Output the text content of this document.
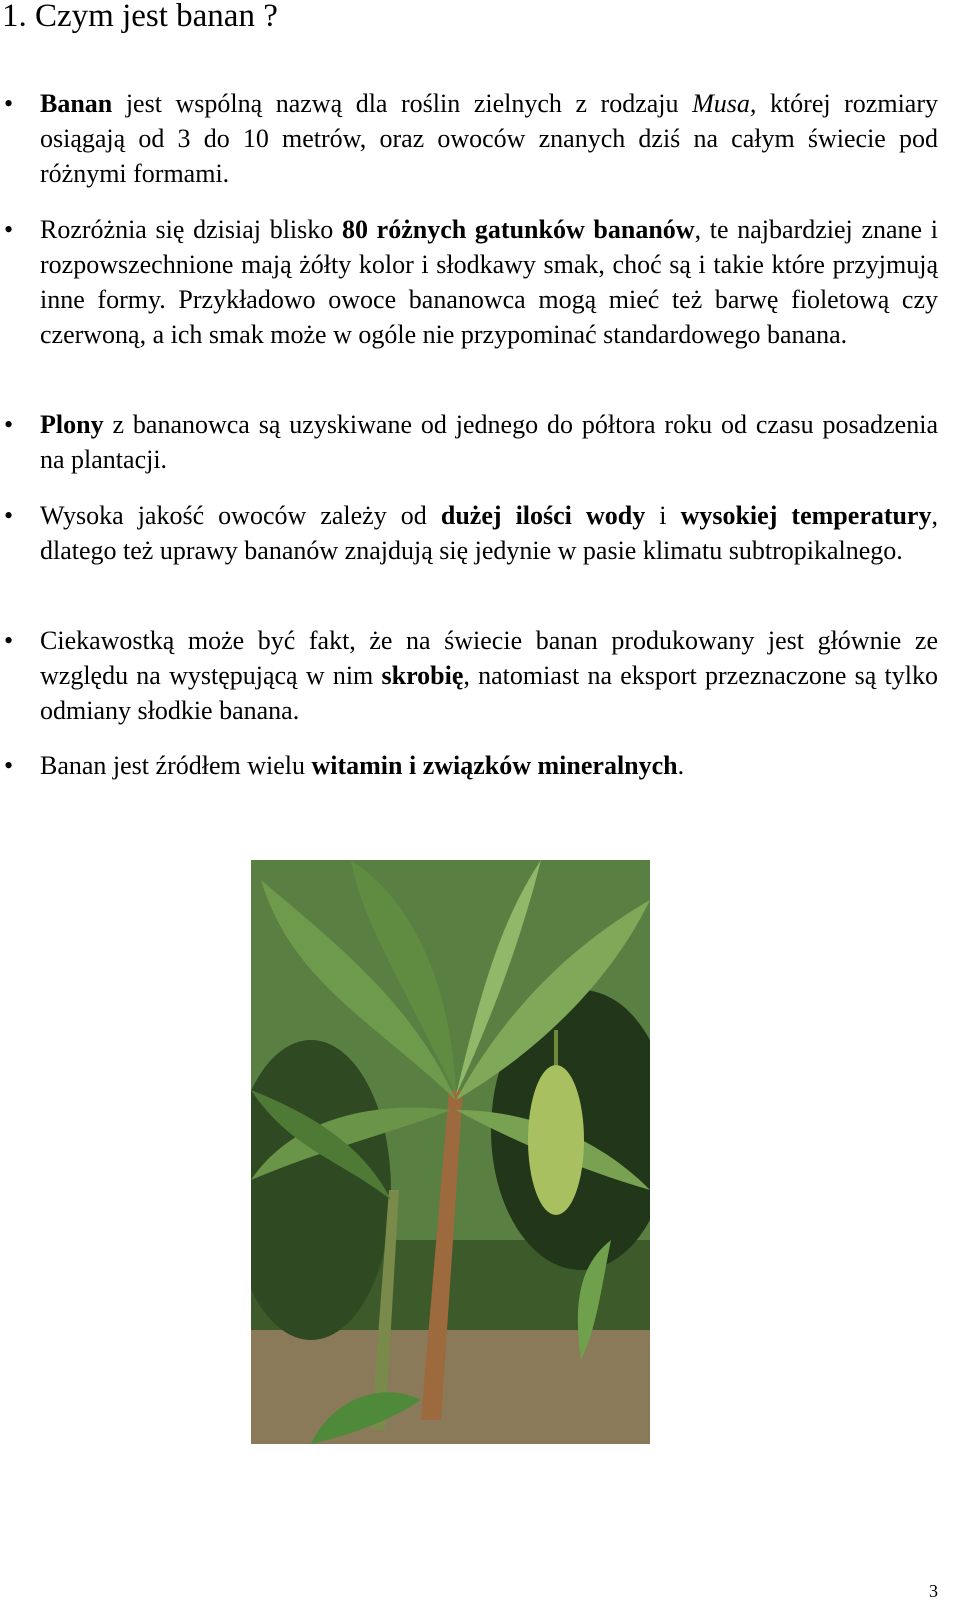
1. Czym jest banan ?
• Banan jest wspólną nazwą dla roślin zielnych z rodzaju Musa, której rozmiary osiągają od 3 do 10 metrów, oraz owoców znanych dziś na całym świecie pod różnymi formami.

• Rozróżnia się dzisiaj blisko 80 różnych gatunków bananów, te najbardziej znane i rozpowszechnione mają żółty kolor i słodkawy smak, choć są i takie które przyjmują inne formy. Przykładowo owoce bananowca mogą mieć też barwę fioletową czy czerwoną, a ich smak może w ogóle nie przypominać standardowego banana.

• Plony z bananowca są uzyskiwane od jednego do półtora roku od czasu posadzenia na plantacji.

• Wysoka jakość owoców zależy od dużej ilości wody i wysokiej temperatury, dlatego też uprawy bananów znajdują się jedynie w pasie klimatu subtropikalnego.

• Ciekawostką może być fakt, że na świecie banan produkowany jest głównie ze względu na występującą w nim skrobię, natomiast na eksport przeznaczone są tylko odmiany słodkie banana.

• Banan jest źródłem wielu witamin i związków mineralnych.

3
